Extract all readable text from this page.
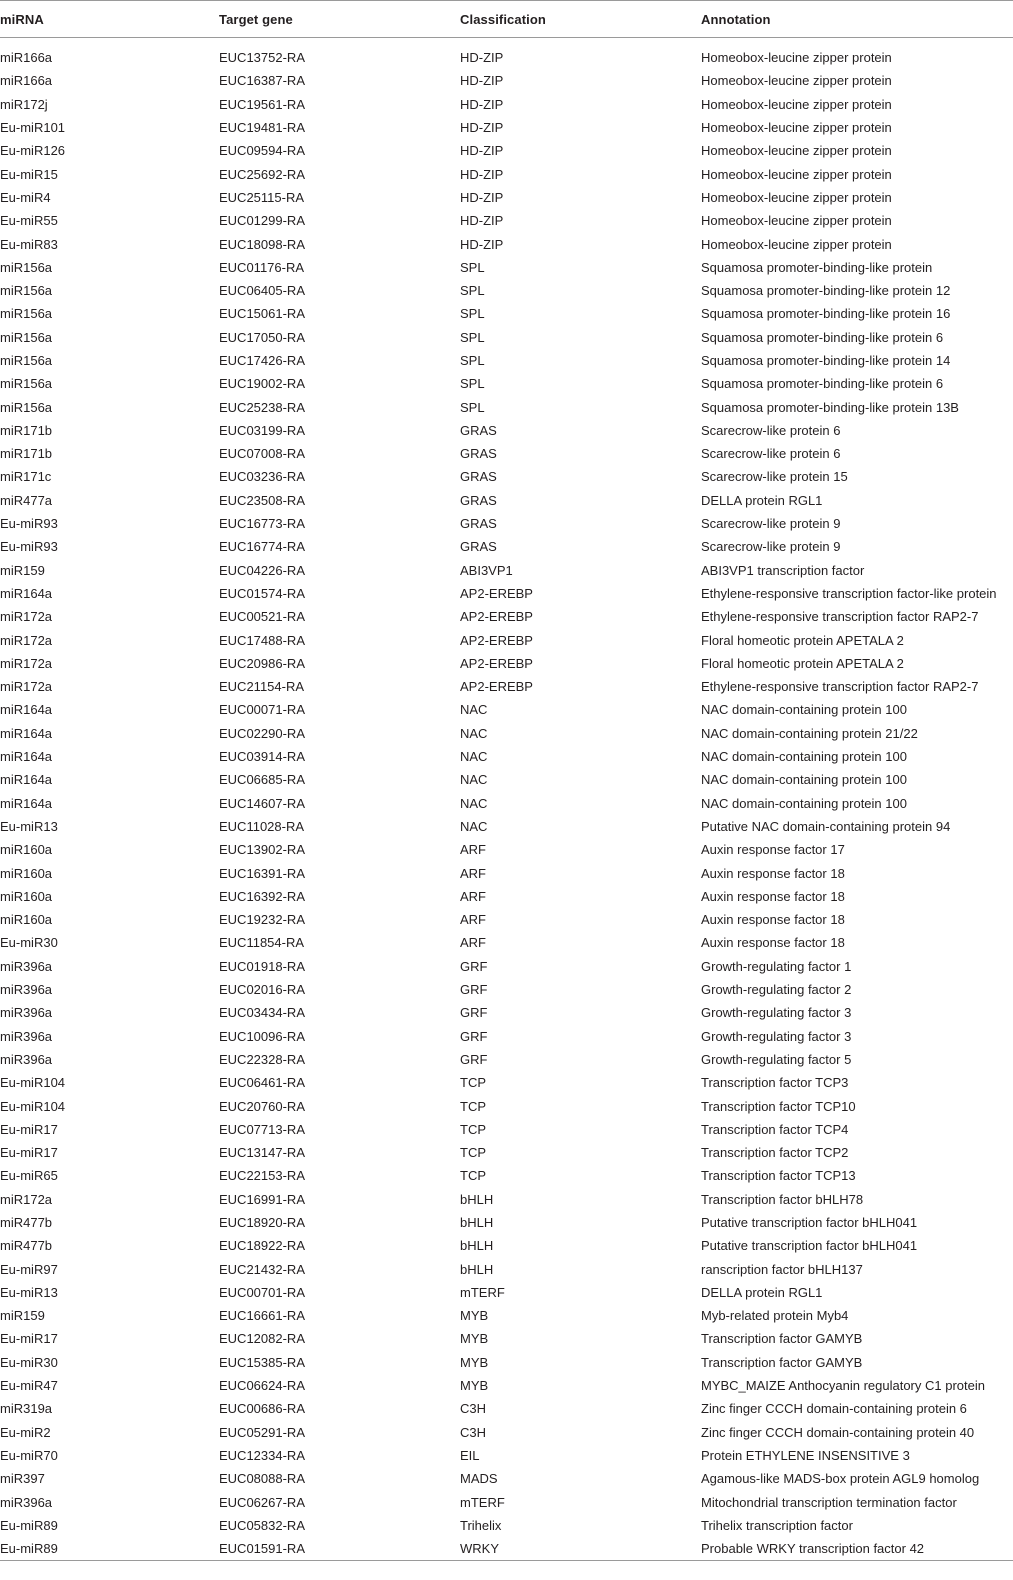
miRNA	Target gene	Classification	Annotation

miR166a	EUC13752-RA	HD-ZIP	Homeobox-leucine zipper protein
miR166a	EUC16387-RA	HD-ZIP	Homeobox-leucine zipper protein
miR172j	EUC19561-RA	HD-ZIP	Homeobox-leucine zipper protein
Eu-miR101	EUC19481-RA	HD-ZIP	Homeobox-leucine zipper protein
Eu-miR126	EUC09594-RA	HD-ZIP	Homeobox-leucine zipper protein
Eu-miR15	EUC25692-RA	HD-ZIP	Homeobox-leucine zipper protein
Eu-miR4	EUC25115-RA	HD-ZIP	Homeobox-leucine zipper protein
Eu-miR55	EUC01299-RA	HD-ZIP	Homeobox-leucine zipper protein
Eu-miR83	EUC18098-RA	HD-ZIP	Homeobox-leucine zipper protein
miR156a	EUC01176-RA	SPL	Squamosa promoter-binding-like protein
miR156a	EUC06405-RA	SPL	Squamosa promoter-binding-like protein 12
miR156a	EUC15061-RA	SPL	Squamosa promoter-binding-like protein 16
miR156a	EUC17050-RA	SPL	Squamosa promoter-binding-like protein 6
miR156a	EUC17426-RA	SPL	Squamosa promoter-binding-like protein 14
miR156a	EUC19002-RA	SPL	Squamosa promoter-binding-like protein 6
miR156a	EUC25238-RA	SPL	Squamosa promoter-binding-like protein 13B
miR171b	EUC03199-RA	GRAS	Scarecrow-like protein 6
miR171b	EUC07008-RA	GRAS	Scarecrow-like protein 6
miR171c	EUC03236-RA	GRAS	Scarecrow-like protein 15
miR477a	EUC23508-RA	GRAS	DELLA protein RGL1
Eu-miR93	EUC16773-RA	GRAS	Scarecrow-like protein 9
Eu-miR93	EUC16774-RA	GRAS	Scarecrow-like protein 9
miR159	EUC04226-RA	ABI3VP1	ABI3VP1 transcription factor
miR164a	EUC01574-RA	AP2-EREBP	Ethylene-responsive transcription factor-like protein
miR172a	EUC00521-RA	AP2-EREBP	Ethylene-responsive transcription factor RAP2-7
miR172a	EUC17488-RA	AP2-EREBP	Floral homeotic protein APETALA 2
miR172a	EUC20986-RA	AP2-EREBP	Floral homeotic protein APETALA 2
miR172a	EUC21154-RA	AP2-EREBP	Ethylene-responsive transcription factor RAP2-7
miR164a	EUC00071-RA	NAC	NAC domain-containing protein 100
miR164a	EUC02290-RA	NAC	NAC domain-containing protein 21/22
miR164a	EUC03914-RA	NAC	NAC domain-containing protein 100
miR164a	EUC06685-RA	NAC	NAC domain-containing protein 100
miR164a	EUC14607-RA	NAC	NAC domain-containing protein 100
Eu-miR13	EUC11028-RA	NAC	Putative NAC domain-containing protein 94
miR160a	EUC13902-RA	ARF	Auxin response factor 17
miR160a	EUC16391-RA	ARF	Auxin response factor 18
miR160a	EUC16392-RA	ARF	Auxin response factor 18
miR160a	EUC19232-RA	ARF	Auxin response factor 18
Eu-miR30	EUC11854-RA	ARF	Auxin response factor 18
miR396a	EUC01918-RA	GRF	Growth-regulating factor 1
miR396a	EUC02016-RA	GRF	Growth-regulating factor 2
miR396a	EUC03434-RA	GRF	Growth-regulating factor 3
miR396a	EUC10096-RA	GRF	Growth-regulating factor 3
miR396a	EUC22328-RA	GRF	Growth-regulating factor 5
Eu-miR104	EUC06461-RA	TCP	Transcription factor TCP3
Eu-miR104	EUC20760-RA	TCP	Transcription factor TCP10
Eu-miR17	EUC07713-RA	TCP	Transcription factor TCP4
Eu-miR17	EUC13147-RA	TCP	Transcription factor TCP2
Eu-miR65	EUC22153-RA	TCP	Transcription factor TCP13
miR172a	EUC16991-RA	bHLH	Transcription factor bHLH78
miR477b	EUC18920-RA	bHLH	Putative transcription factor bHLH041
miR477b	EUC18922-RA	bHLH	Putative transcription factor bHLH041
Eu-miR97	EUC21432-RA	bHLH	ranscription factor bHLH137
Eu-miR13	EUC00701-RA	mTERF	DELLA protein RGL1
miR159	EUC16661-RA	MYB	Myb-related protein Myb4
Eu-miR17	EUC12082-RA	MYB	Transcription factor GAMYB
Eu-miR30	EUC15385-RA	MYB	Transcription factor GAMYB
Eu-miR47	EUC06624-RA	MYB	MYBC_MAIZE Anthocyanin regulatory C1 protein
miR319a	EUC00686-RA	C3H	Zinc finger CCCH domain-containing protein 6
Eu-miR2	EUC05291-RA	C3H	Zinc finger CCCH domain-containing protein 40
Eu-miR70	EUC12334-RA	EIL	Protein ETHYLENE INSENSITIVE 3
miR397	EUC08088-RA	MADS	Agamous-like MADS-box protein AGL9 homolog
miR396a	EUC06267-RA	mTERF	Mitochondrial transcription termination factor
Eu-miR89	EUC05832-RA	Trihelix	Trihelix transcription factor
Eu-miR89	EUC01591-RA	WRKY	Probable WRKY transcription factor 42
